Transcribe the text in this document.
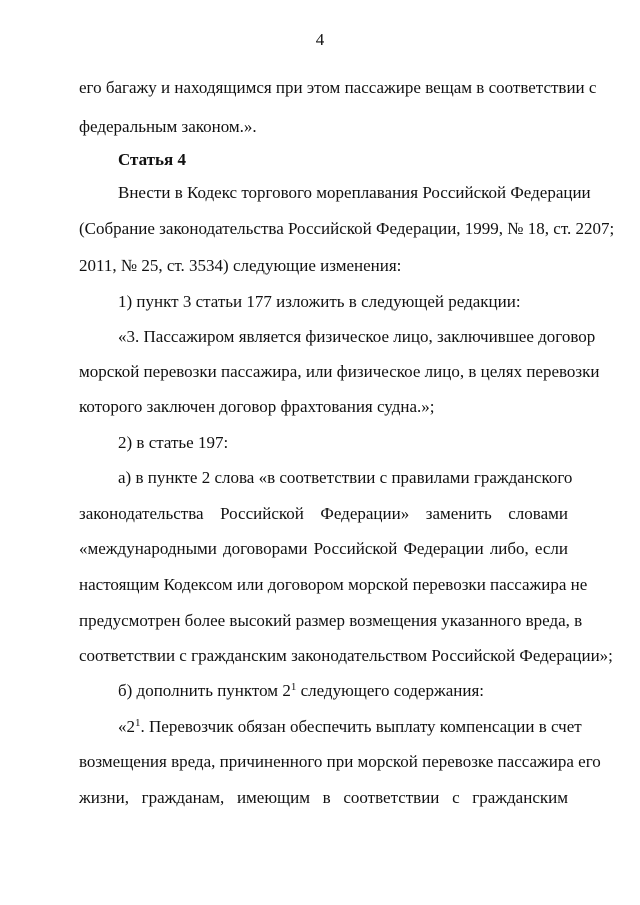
4
его багажу и находящимся при этом пассажире вещам в соответствии с
федеральным законом.».
Статья 4
Внести в Кодекс торгового мореплавания Российской Федерации
(Собрание законодательства Российской Федерации, 1999, № 18, ст. 2207;
2011, № 25, ст. 3534) следующие изменения:
1) пункт 3 статьи 177 изложить в следующей редакции:
«3. Пассажиром является физическое лицо, заключившее договор
морской перевозки пассажира, или физическое лицо, в целях перевозки
которого заключен договор фрахтования судна.»;
2) в статье 197:
а) в пункте 2 слова «в соответствии с правилами гражданского
законодательства Российской Федерации» заменить словами
«международными договорами Российской Федерации либо, если
настоящим Кодексом или договором морской перевозки пассажира не
предусмотрен более высокий размер возмещения указанного вреда, в
соответствии с гражданским законодательством Российской Федерации»;
б) дополнить пунктом $2^1$ следующего содержания:
«$2^1$ . Перевозчик обязан обеспечить выплату компенсации в счет
возмещения вреда, причиненного при морской перевозке пассажира его
жизни, гражданам, имеющим в соответствии с гражданским
